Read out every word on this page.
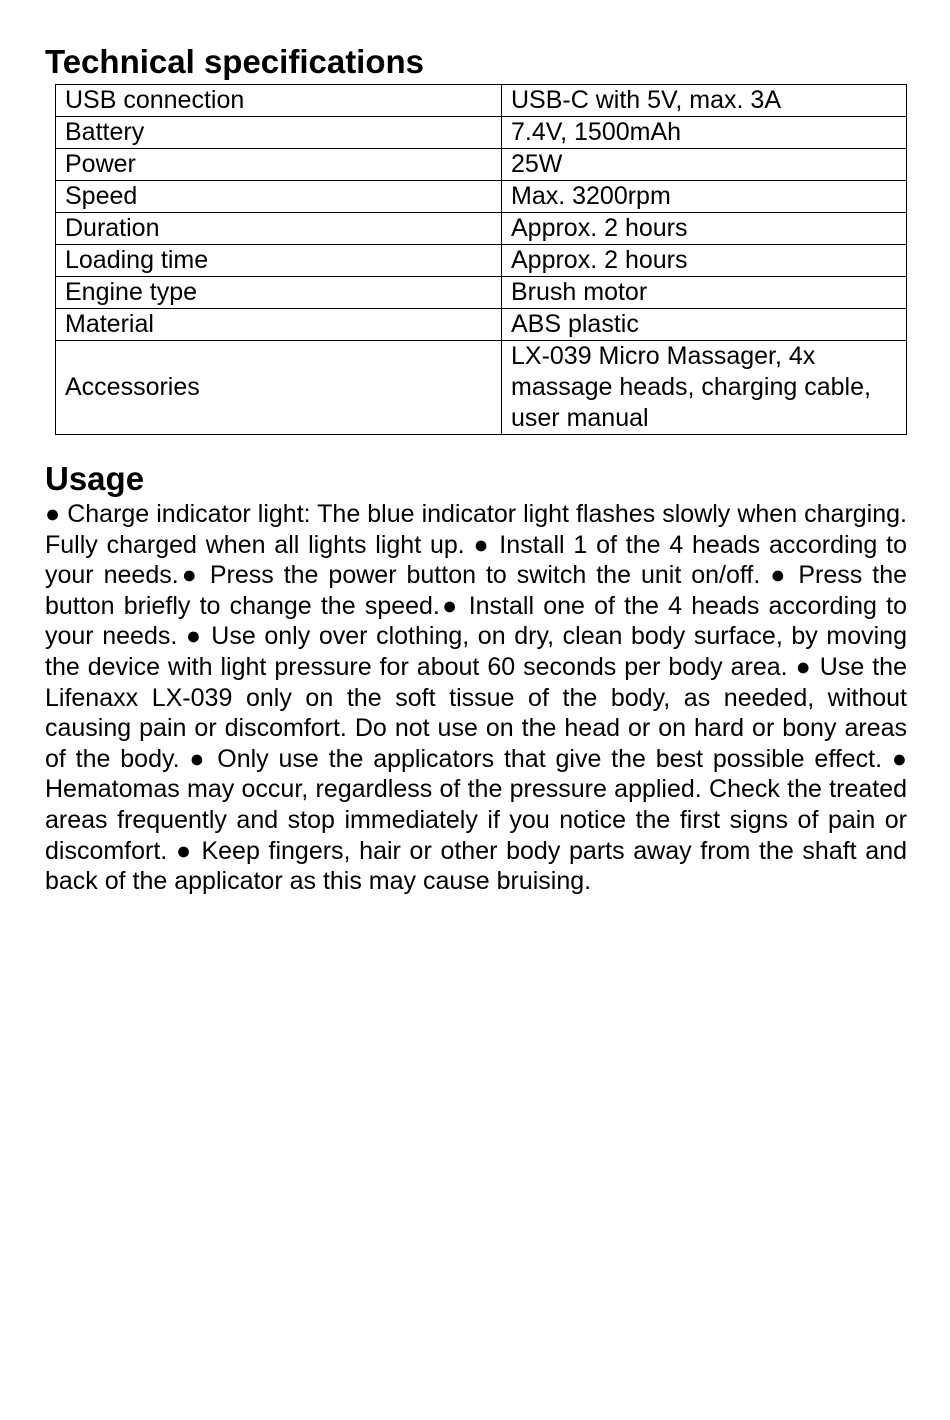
Technical specifications
USB connection	USB-C with 5V, max. 3A
Battery	7.4V, 1500mAh
Power	25W
Speed	Max. 3200rpm
Duration	Approx. 2 hours
Loading time	Approx. 2 hours
Engine type	Brush motor
Material	ABS plastic
Accessories	LX-039 Micro Massager, 4x
massage heads, charging cable,
user manual
Usage

● Charge indicator light: The blue indicator light flashes slowly when charging. Fully charged when all lights light up. ● Install 1 of the 4 heads according to your needs.● Press the power button to switch the unit on/off. ● Press the button briefly to change the speed.● Install one of the 4 heads according to your needs. ● Use only over clothing, on dry, clean body surface, by moving the device with light pressure for about 60 seconds per body area. ● Use the Lifenaxx LX-039 only on the soft tissue of the body, as needed, without causing pain or discomfort. Do not use on the head or on hard or bony areas of the body. ● Only use the applicators that give the best possible effect. ● Hematomas may occur, regardless of the pressure applied. Check the treated areas frequently and stop immediately if you notice the first signs of pain or discomfort. ● Keep fingers, hair or other body parts away from the shaft and back of the applicator as this may cause bruising.
